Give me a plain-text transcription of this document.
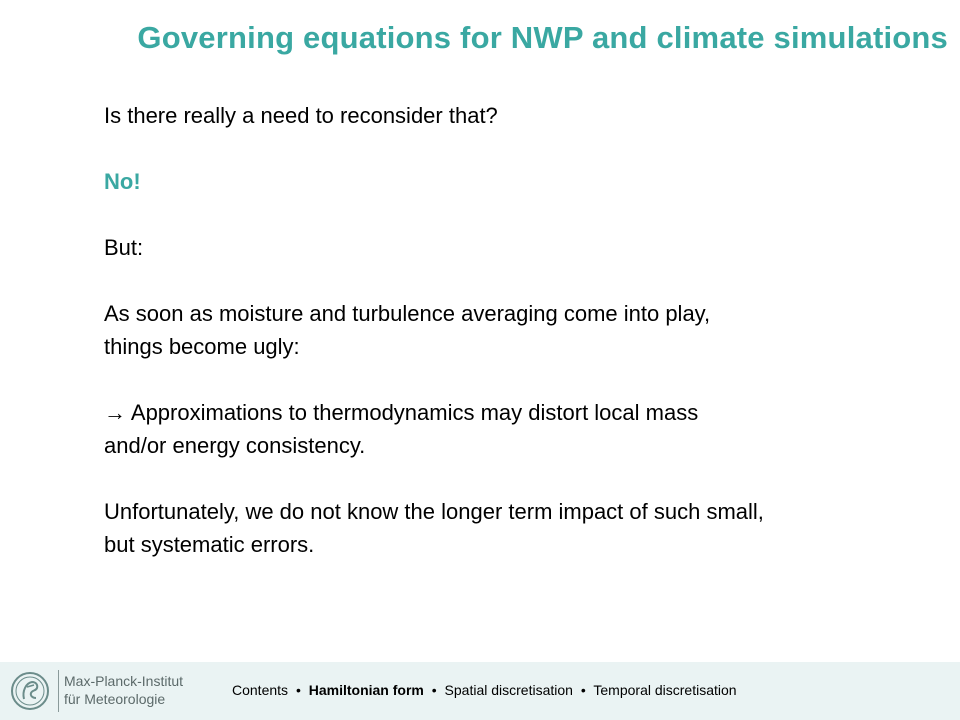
Governing equations for NWP and climate simulations

Is there really a need to reconsider that?

No!

But:

As soon as moisture and turbulence averaging come into play,

things become ugly:

→ Approximations to thermodynamics may distort local mass

and/or energy consistency.

Unfortunately, we do not know the longer term impact of such small,

but systematic errors.

Max-Planck-Institut
für Meteorologie
Contents • Hamiltonian form • Spatial discretisation • Temporal discretisation
